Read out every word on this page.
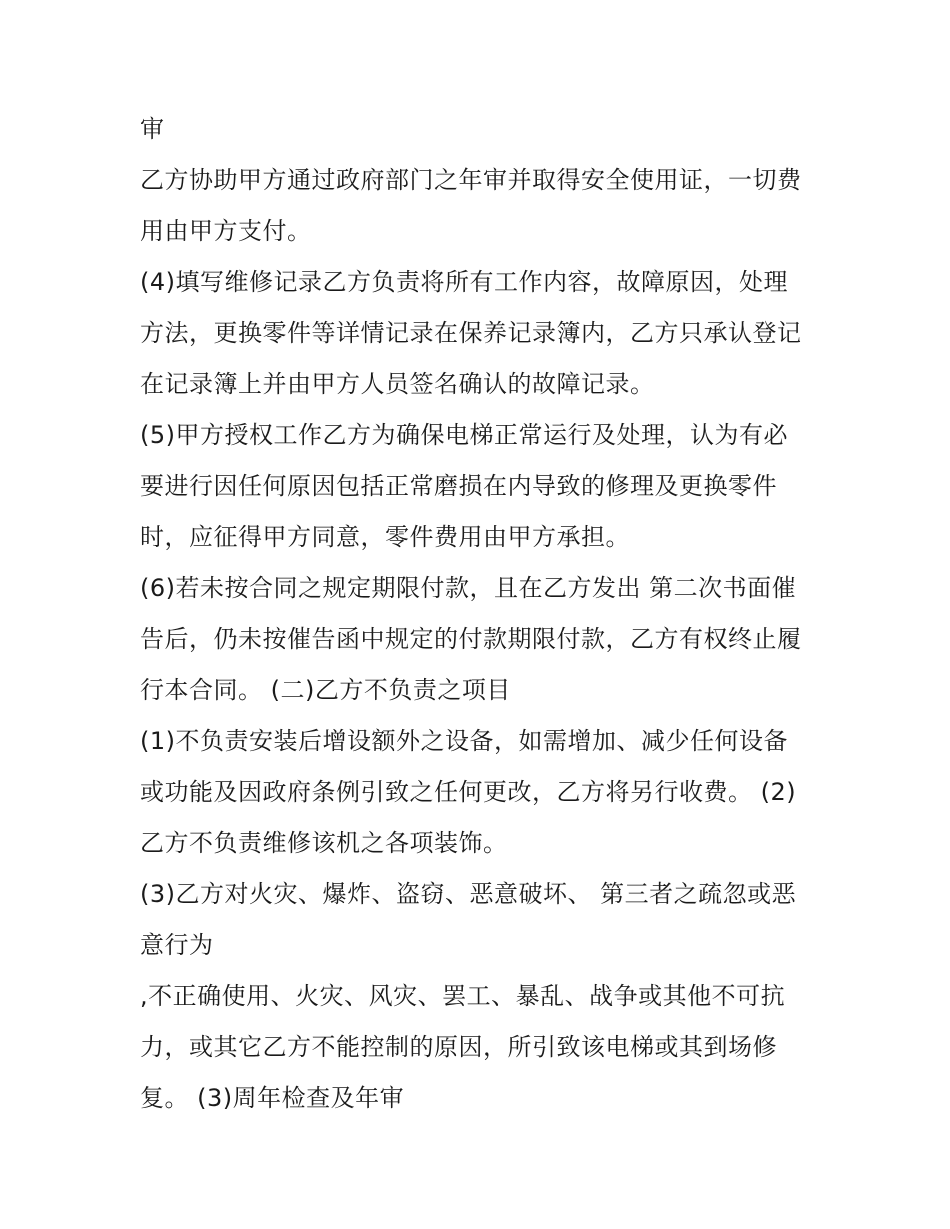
审
乙方协助甲方通过政府部门之年审并取得安全使用证，一切费
用由甲方支付。
(4)填写维修记录乙方负责将所有工作内容，故障原因，处理
方法，更换零件等详情记录在保养记录簿内，乙方只承认登记
在记录簿上并由甲方人员签名确认的故障记录。
(5)甲方授权工作乙方为确保电梯正常运行及处理，认为有必
要进行因任何原因包括正常磨损在内导致的修理及更换零件
时，应征得甲方同意，零件费用由甲方承担。
(6)若未按合同之规定期限付款，且在乙方发出 第二次书面催
告后，仍未按催告函中规定的付款期限付款，乙方有权终止履
行本合同。 (二)乙方不负责之项目
(1)不负责安装后增设额外之设备，如需增加、减少任何设备
或功能及因政府条例引致之任何更改，乙方将另行收费。 (2)
乙方不负责维修该机之各项装饰。
(3)乙方对火灾、爆炸、盗窃、恶意破坏、 第三者之疏忽或恶
意行为
,不正确使用、火灾、风灾、罢工、暴乱、战争或其他不可抗
力，或其它乙方不能控制的原因，所引致该电梯或其到场修
复。 (3)周年检查及年审
